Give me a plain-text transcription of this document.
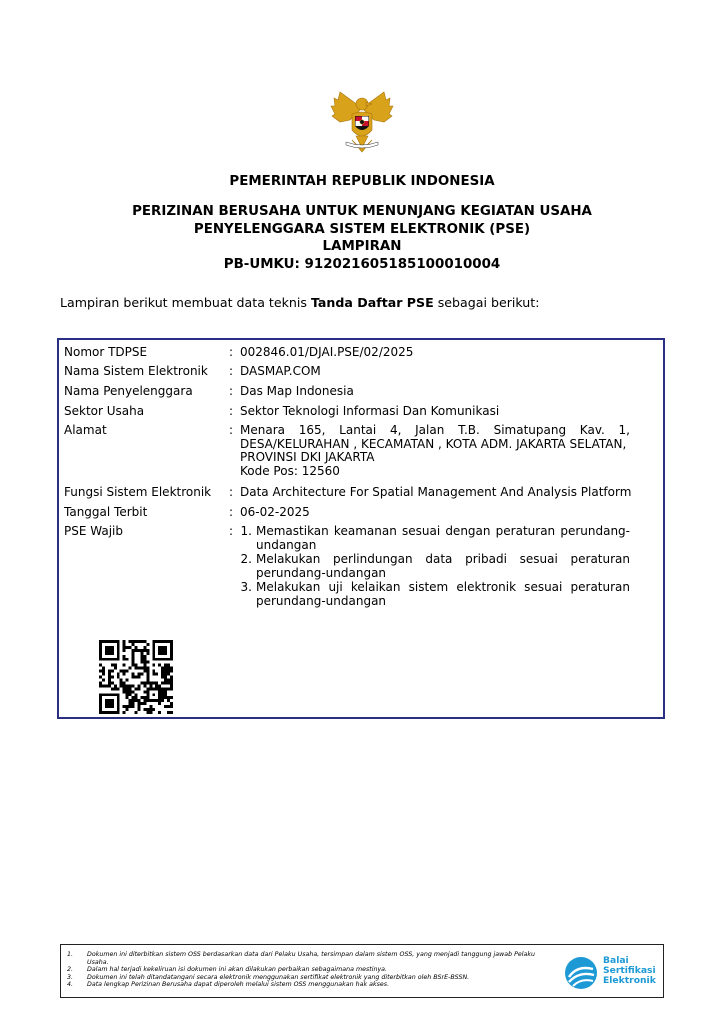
PEMERINTAH REPUBLIK INDONESIA
PERIZINAN BERUSAHA UNTUK MENUNJANG KEGIATAN USAHA
PENYELENGGARA SISTEM ELEKTRONIK (PSE)
LAMPIRAN
PB-UMKU: 912021605185100010004
Lampiran berikut membuat data teknis Tanda Daftar PSE sebagai berikut:
Nomor TDPSE	: 002846.01/DJAI.PSE/02/2025
Nama Sistem Elektronik	: DASMAP.COM
Nama Penyelenggara	: Das Map Indonesia
Sektor Usaha	: Sektor Teknologi Informasi Dan Komunikasi
Alamat	: Menara 165, Lantai 4, Jalan T.B. Simatupang Kav. 1,
DESA/KELURAHAN , KECAMATAN , KOTA ADM. JAKARTA SELATAN,
PROVINSI DKI JAKARTA
Kode Pos: 12560
Fungsi Sistem Elektronik	: Data Architecture For Spatial Management And Analysis Platform
Tanggal Terbit	: 06-02-2025
PSE Wajib	: 1. Memastikan keamanan sesuai dengan peraturan perundang-undangan
2. Melakukan perlindungan data pribadi sesuai peraturan perundang-undangan
3. Melakukan uji kelaikan sistem elektronik sesuai peraturan perundang-undangan
1. Dokumen ini diterbitkan sistem OSS berdasarkan data dari Pelaku Usaha, tersimpan dalam sistem OSS, yang menjadi tanggung jawab Pelaku Usaha.
2. Dalam hal terjadi kekeliruan isi dokumen ini akan dilakukan perbaikan sebagaimana mestinya.
3. Dokumen ini telah ditandatangani secara elektronik menggunakan sertifikat elektronik yang diterbitkan oleh BSrE-BSSN.
4. Data lengkap Perizinan Berusaha dapat diperoleh melalui sistem OSS menggunakan hak akses.
Balai
Sertifikasi
Elektronik
